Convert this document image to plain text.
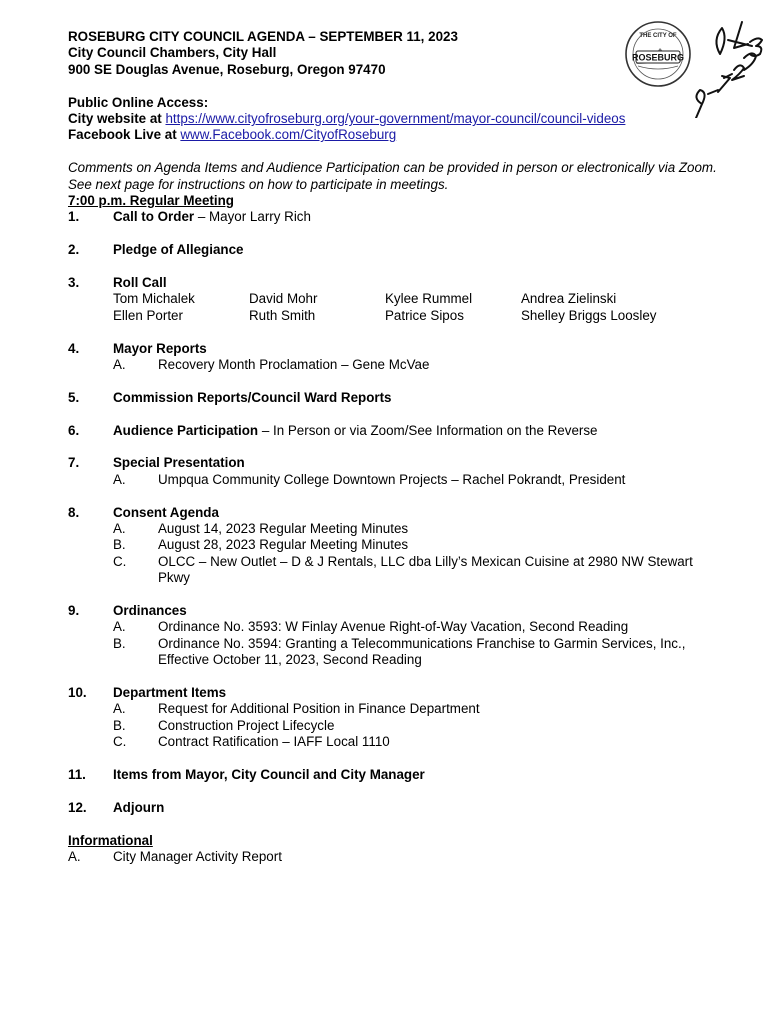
ROSEBURG
THE CITY OF
ROSEBURG CITY COUNCIL AGENDA – SEPTEMBER 11, 2023
City Council Chambers, City Hall
900 SE Douglas Avenue, Roseburg, Oregon 97470
Public Online Access:
City website at https://www.cityofroseburg.org/your-government/mayor-council/council-videos
Facebook Live at www.Facebook.com/CityofRoseburg
Comments on Agenda Items and Audience Participation can be provided in person or electronically via Zoom. See next page for instructions on how to participate in meetings.
7:00 p.m. Regular Meeting
1.	Call to Order – Mayor Larry Rich
2.	Pledge of Allegiance
3.	Roll Call
Tom Michalek	David Mohr	Kylee Rummel	Andrea Zielinski
Ellen Porter	Ruth Smith	Patrice Sipos	Shelley Briggs Loosley
4.	Mayor Reports
A.	Recovery Month Proclamation – Gene McVae
5.	Commission Reports/Council Ward Reports
6.	Audience Participation – In Person or via Zoom/See Information on the Reverse
7.	Special Presentation
A.	Umpqua Community College Downtown Projects – Rachel Pokrandt, President
8.	Consent Agenda
A.	August 14, 2023 Regular Meeting Minutes
B.	August 28, 2023 Regular Meeting Minutes
C.	OLCC – New Outlet – D & J Rentals, LLC dba Lilly’s Mexican Cuisine at 2980 NW Stewart Pkwy
9.	Ordinances
A.	Ordinance No. 3593: W Finlay Avenue Right-of-Way Vacation, Second Reading
B.	Ordinance No. 3594: Granting a Telecommunications Franchise to Garmin Services, Inc., Effective October 11, 2023, Second Reading
10.	Department Items
A.	Request for Additional Position in Finance Department
B.	Construction Project Lifecycle
C.	Contract Ratification – IAFF Local 1110
11.	Items from Mayor, City Council and City Manager
12.	Adjourn
Informational
A.	City Manager Activity Report
